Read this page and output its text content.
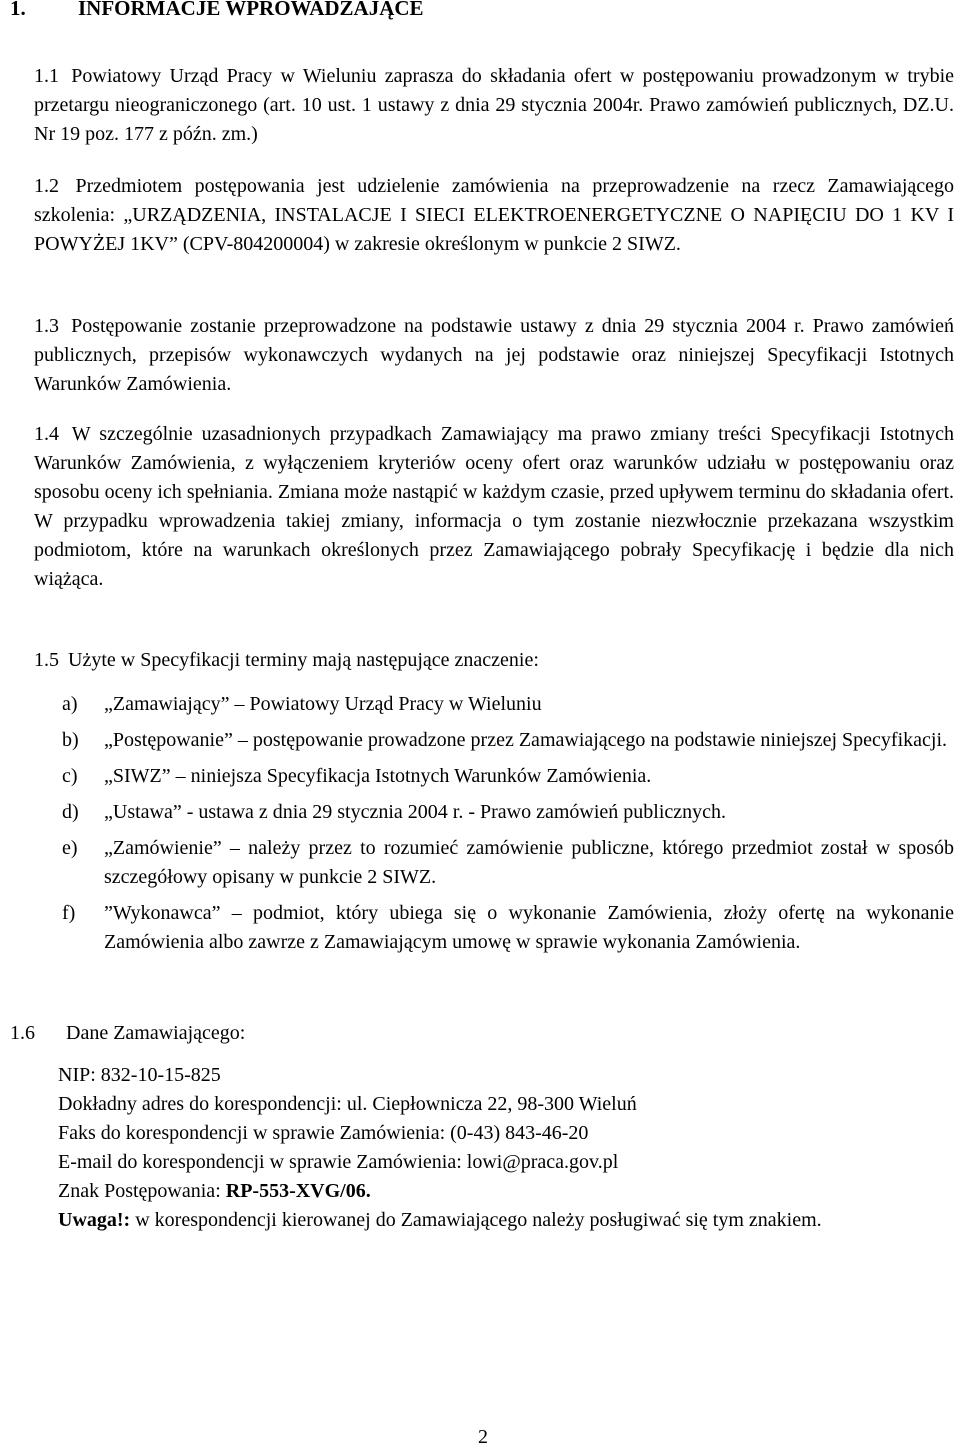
1. INFORMACJE WPROWADZAJĄCE
1.1 Powiatowy Urząd Pracy w Wieluniu zaprasza do składania ofert w postępowaniu prowadzonym w trybie przetargu nieograniczonego (art. 10 ust. 1 ustawy z dnia 29 stycznia 2004r. Prawo zamówień publicznych, DZ.U. Nr 19 poz. 177 z późn. zm.)
1.2 Przedmiotem postępowania jest udzielenie zamówienia na przeprowadzenie na rzecz Zamawiającego szkolenia: „URZĄDZENIA, INSTALACJE I SIECI ELEKTROENERGETYCZNE O NAPIĘCIU DO 1 KV I POWYŻEJ 1KV” (CPV-804200004) w zakresie określonym w punkcie 2 SIWZ.
1.3 Postępowanie zostanie przeprowadzone na podstawie ustawy z dnia 29 stycznia 2004 r. Prawo zamówień publicznych, przepisów wykonawczych wydanych na jej podstawie oraz niniejszej Specyfikacji Istotnych Warunków Zamówienia.
1.4 W szczególnie uzasadnionych przypadkach Zamawiający ma prawo zmiany treści Specyfikacji Istotnych Warunków Zamówienia, z wyłączeniem kryteriów oceny ofert oraz warunków udziału w postępowaniu oraz sposobu oceny ich spełniania. Zmiana może nastąpić w każdym czasie, przed upływem terminu do składania ofert. W przypadku wprowadzenia takiej zmiany, informacja o tym zostanie niezwłocznie przekazana wszystkim podmiotom, które na warunkach określonych przez Zamawiającego pobrały Specyfikację i będzie dla nich wiążąca.
1.5 Użyte w Specyfikacji terminy mają następujące znaczenie:
a)	„Zamawiający” – Powiatowy Urząd Pracy w Wieluniu
b)	„Postępowanie” – postępowanie prowadzone przez Zamawiającego na podstawie niniejszej Specyfikacji.
c)	„SIWZ” – niniejsza Specyfikacja Istotnych Warunków Zamówienia.
d)	„Ustawa” - ustawa z dnia 29 stycznia 2004 r. - Prawo zamówień publicznych.
e)	„Zamówienie” – należy przez to rozumieć zamówienie publiczne, którego przedmiot został w sposób szczegółowy opisany w punkcie 2 SIWZ.
f)	”Wykonawca” – podmiot, który ubiega się o wykonanie Zamówienia, złoży ofertę na wykonanie Zamówienia albo zawrze z Zamawiającym umowę w sprawie wykonania Zamówienia.
1.6 Dane Zamawiającego:
NIP: 832-10-15-825
Dokładny adres do korespondencji: ul. Ciepłownicza 22, 98-300 Wieluń
Faks do korespondencji w sprawie Zamówienia: (0-43) 843-46-20
E-mail do korespondencji w sprawie Zamówienia: lowi@praca.gov.pl
Znak Postępowania: RP-553-XVG/06.
Uwaga!: w korespondencji kierowanej do Zamawiającego należy posługiwać się tym znakiem.
2
